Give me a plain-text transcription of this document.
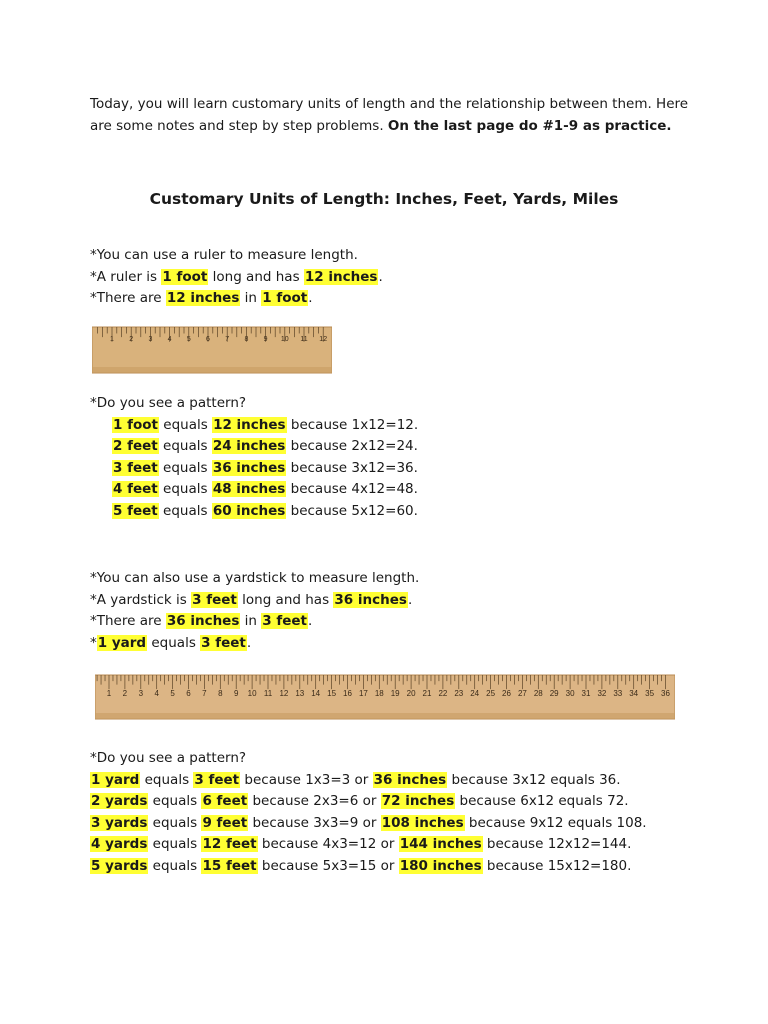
Today, you will learn customary units of length and the relationship between them. Here are some notes and step by step problems. On the last page do #1-9 as practice.
Customary Units of Length: Inches, Feet, Yards, Miles
*You can use a ruler to measure length.
*A ruler is 1 foot long and has 12 inches.
*There are 12 inches in 1 foot.
1 2 3 4 5 6 7 8 9 10 11 12
*Do you see a pattern?
1 foot equals 12 inches because 1x12=12.
2 feet equals 24 inches because 2x12=24.
3 feet equals 36 inches because 3x12=36.
4 feet equals 48 inches because 4x12=48.
5 feet equals 60 inches because 5x12=60.
*You can also use a yardstick to measure length.
*A yardstick is 3 feet long and has 36 inches.
*There are 36 inches in 3 feet.
*1 yard equals 3 feet.
1 2 3 4 5 6 7 8 9 10 11 12 13 14 15 16 17 18 19 20 21 22 23 24 25 26 27 28 29 30 31 32 33 34 35 36
*Do you see a pattern?
1 yard equals 3 feet because 1x3=3 or 36 inches because 3x12 equals 36.
2 yards equals 6 feet because 2x3=6 or 72 inches because 6x12 equals 72.
3 yards equals 9 feet because 3x3=9 or 108 inches because 9x12 equals 108.
4 yards equals 12 feet because 4x3=12 or 144 inches because 12x12=144.
5 yards equals 15 feet because 5x3=15 or 180 inches because 15x12=180.
